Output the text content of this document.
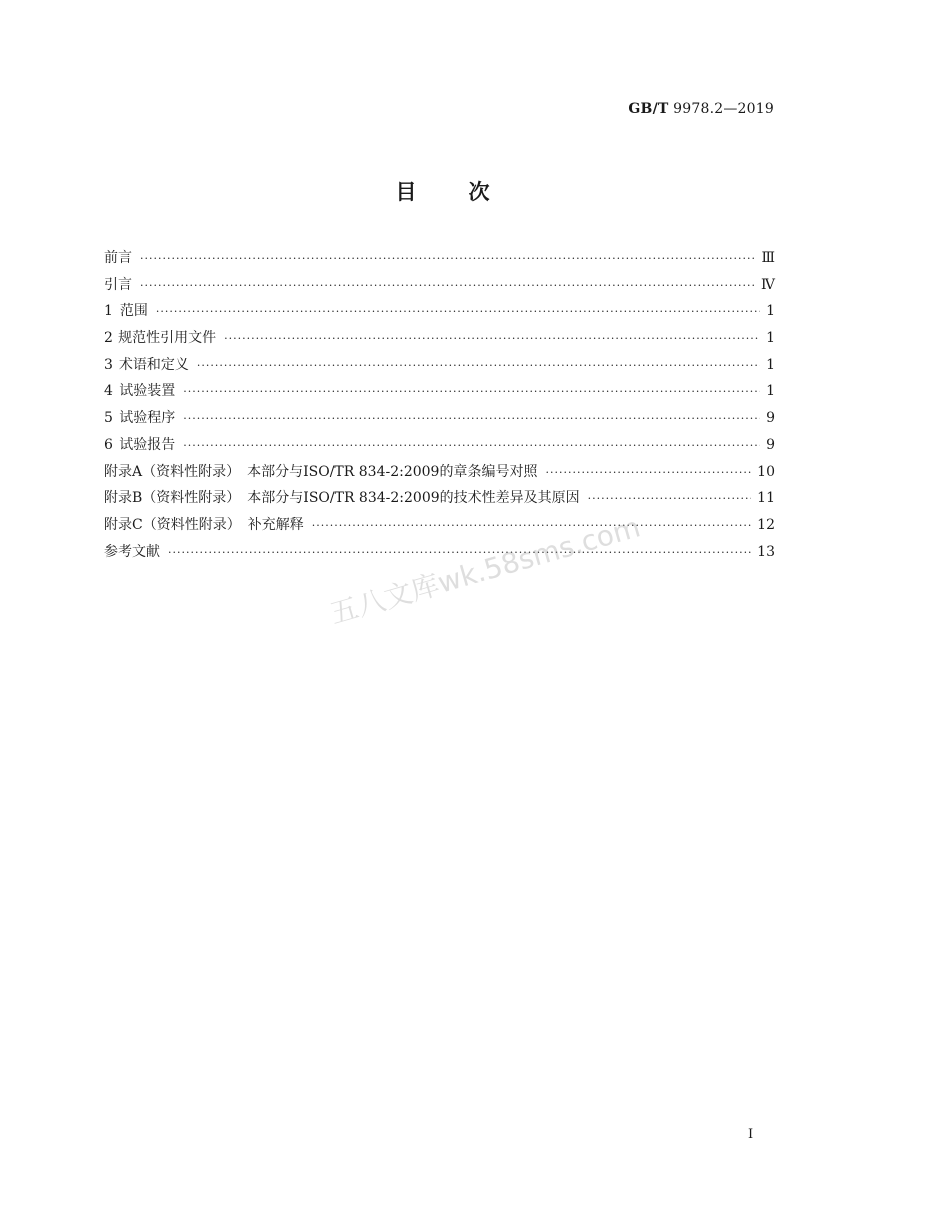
GB/T 9978.2—2019
目 次
前言 ·····	Ⅲ
引言 ·····	Ⅳ
1 范围 ·····	1
2 规范性引用文件 ·····	1
3 术语和定义 ·····	1
4 试验装置 ·····	1
5 试验程序 ·····	9
6 试验报告 ·····	9
附录A（资料性附录）　本部分与ISO/TR 834-2:2009的章条编号对照 ·····	10
附录B（资料性附录）　本部分与ISO/TR 834-2:2009的技术性差异及其原因 ·····	11
附录C（资料性附录）　补充解释 ·····	12
参考文献 ·····	13
五八文库wk.58sms.com
Ⅰ
